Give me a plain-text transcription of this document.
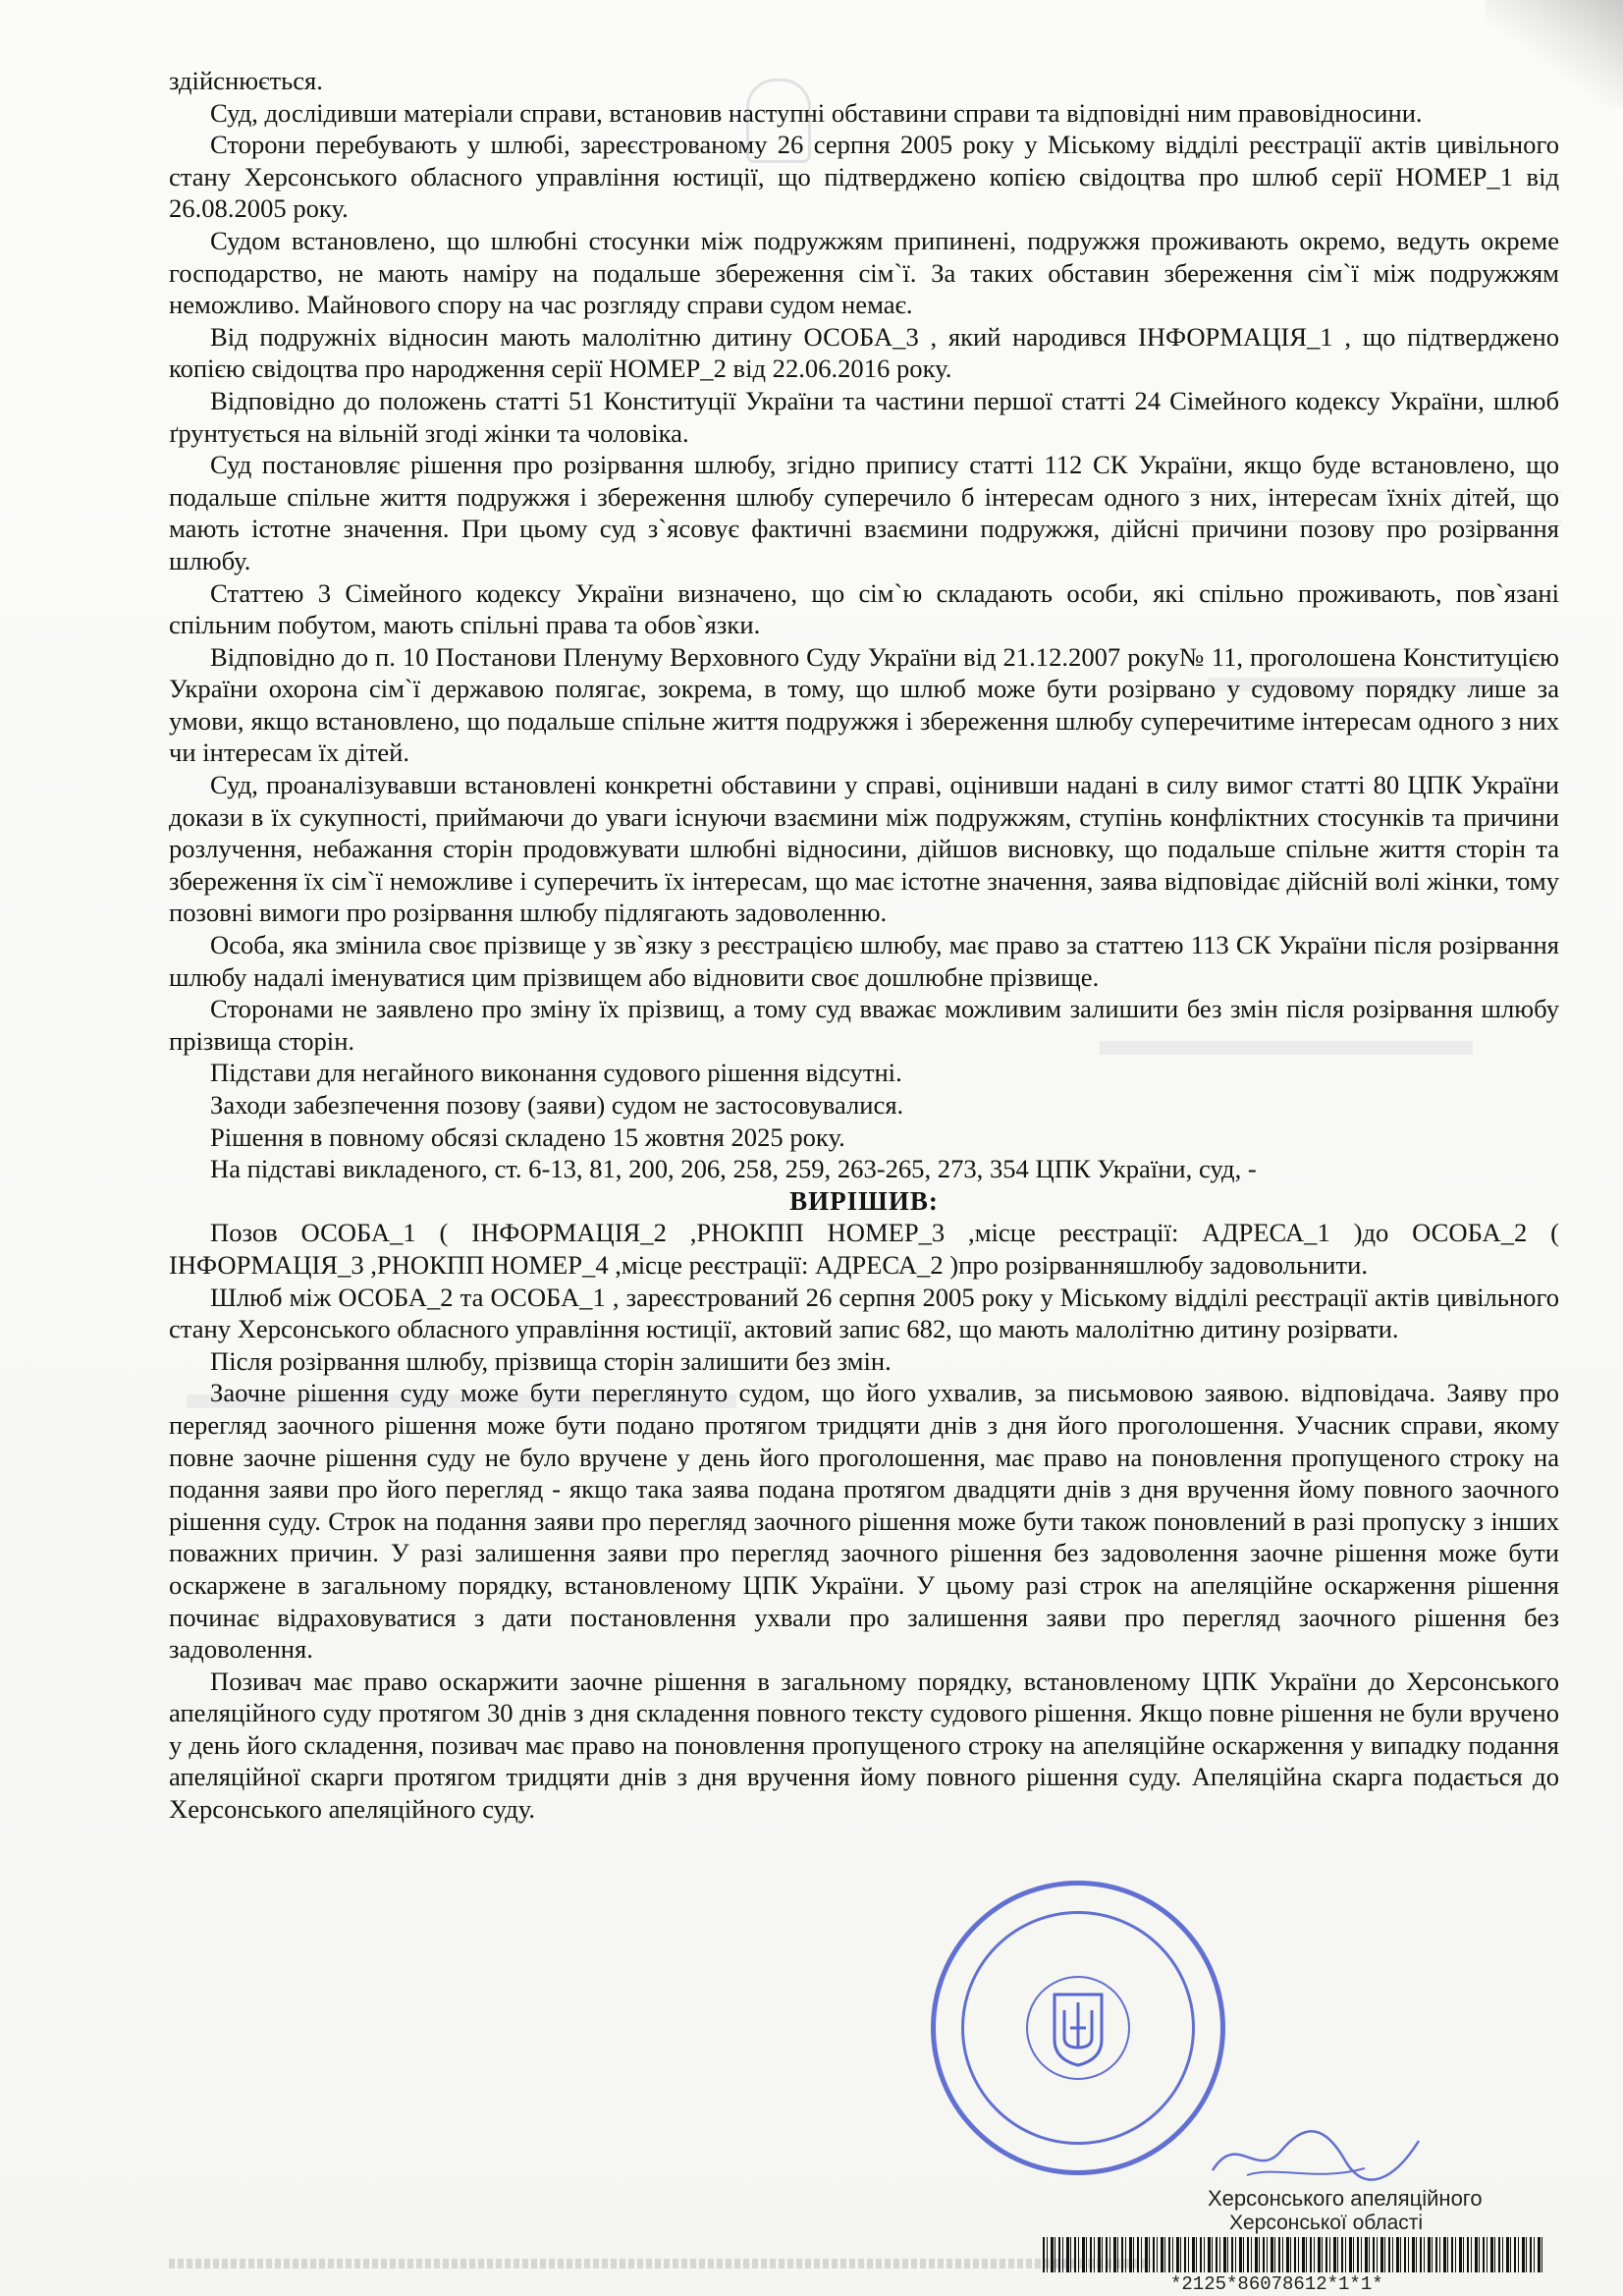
здійснюється.

Суд, дослідивши матеріали справи, встановив наступні обставини справи та відповідні ним правовідносини.

Сторони перебувають у шлюбі, зареєстрованому 26 серпня 2005 року у Міському відділі реєстрації актів цивільного стану Херсонського обласного управління юстиції, що підтверджено копією свідоцтва про шлюб серії НОМЕР_1 від 26.08.2005 року.

Судом встановлено, що шлюбні стосунки між подружжям припинені, подружжя проживають окремо, ведуть окреме господарство, не мають наміру на подальше збереження сім`ї. За таких обставин збереження сім`ї між подружжям неможливо. Майнового спору на час розгляду справи судом немає.

Від подружніх відносин мають малолітню дитину ОСОБА_3 , який народився ІНФОРМАЦІЯ_1 , що підтверджено копією свідоцтва про народження серії НОМЕР_2 від 22.06.2016 року.

Відповідно до положень статті 51 Конституції України та частини першої статті 24 Сімейного кодексу України, шлюб ґрунтується на вільній згоді жінки та чоловіка.

Суд постановляє рішення про розірвання шлюбу, згідно припису статті 112 СК України, якщо буде встановлено, що подальше спільне життя подружжя і збереження шлюбу суперечило б інтересам одного з них, інтересам їхніх дітей, що мають істотне значення. При цьому суд з`ясовує фактичні взаємини подружжя, дійсні причини позову про розірвання шлюбу.

Статтею 3 Сімейного кодексу України визначено, що сім`ю складають особи, які спільно проживають, пов`язані спільним побутом, мають спільні права та обов`язки.

Відповідно до п. 10 Постанови Пленуму Верховного Суду України від 21.12.2007 року№ 11, проголошена Конституцією України охорона сім`ї державою полягає, зокрема, в тому, що шлюб може бути розірвано у судовому порядку лише за умови, якщо встановлено, що подальше спільне життя подружжя і збереження шлюбу суперечитиме інтересам одного з них чи інтересам їх дітей.

Суд, проаналізувавши встановлені конкретні обставини у справі, оцінивши надані в силу вимог статті 80 ЦПК України докази в їх сукупності, приймаючи до уваги існуючи взаємини між подружжям, ступінь конфліктних стосунків та причини розлучення, небажання сторін продовжувати шлюбні відносини, дійшов висновку, що подальше спільне життя сторін та збереження їх сім`ї неможливе і суперечить їх інтересам, що має істотне значення, заява відповідає дійсній волі жінки, тому позовні вимоги про розірвання шлюбу підлягають задоволенню.

Особа, яка змінила своє прізвище у зв`язку з реєстрацією шлюбу, має право за статтею 113 СК України після розірвання шлюбу надалі іменуватися цим прізвищем або відновити своє дошлюбне прізвище.

Сторонами не заявлено про зміну їх прізвищ, а тому суд вважає можливим залишити без змін після розірвання шлюбу прізвища сторін.

Підстави для негайного виконання судового рішення відсутні.

Заходи забезпечення позову (заяви) судом не застосовувалися.

Рішення в повному обсязі складено 15 жовтня 2025 року.

На підставі викладеного, ст. 6-13, 81, 200, 206, 258, 259, 263-265, 273, 354 ЦПК України, суд, -

ВИРІШИВ:

Позов ОСОБА_1 ( ІНФОРМАЦІЯ_2 ,РНОКПП НОМЕР_3 ,місце реєстрації: АДРЕСА_1 )до ОСОБА_2 ( ІНФОРМАЦІЯ_3 ,РНОКПП НОМЕР_4 ,місце реєстрації: АДРЕСА_2 )про розірванняшлюбу задовольнити.

Шлюб між ОСОБА_2 та ОСОБА_1 , зареєстрований 26 серпня 2005 року у Міському відділі реєстрації актів цивільного стану Херсонського обласного управління юстиції, актовий запис 682, що мають малолітню дитину розірвати.

Після розірвання шлюбу, прізвища сторін залишити без змін.

Заочне рішення суду може бути переглянуто судом, що його ухвалив, за письмовою заявою. відповідача. Заяву про перегляд заочного рішення може бути подано протягом тридцяти днів з дня його проголошення. Учасник справи, якому повне заочне рішення суду не було вручене у день його проголошення, має право на поновлення пропущеного строку на подання заяви про його перегляд - якщо така заява подана протягом двадцяти днів з дня вручення йому повного заочного рішення суду. Строк на подання заяви про перегляд заочного рішення може бути також поновлений в разі пропуску з інших поважних причин. У разі залишення заяви про перегляд заочного рішення без задоволення заочне рішення може бути оскаржене в загальному порядку, встановленому ЦПК України. У цьому разі строк на апеляційне оскарження рішення починає відраховуватися з дати постановлення ухвали про залишення заяви про перегляд заочного рішення без задоволення.

Позивач має право оскаржити заочне рішення в загальному порядку, встановленому ЦПК України до Херсонського апеляційного суду протягом 30 днів з дня складення повного тексту судового рішення. Якщо повне рішення не були вручено у день його складення, позивач має право на поновлення пропущеного строку на апеляційне оскарження у випадку подання апеляційної скарги протягом тридцяти днів з дня вручення йому повного рішення суду. Апеляційна скарга подається до Херсонського апеляційного суду.

Херсонського апеляційного
Херсонської області
*2125*86078612*1*1*
